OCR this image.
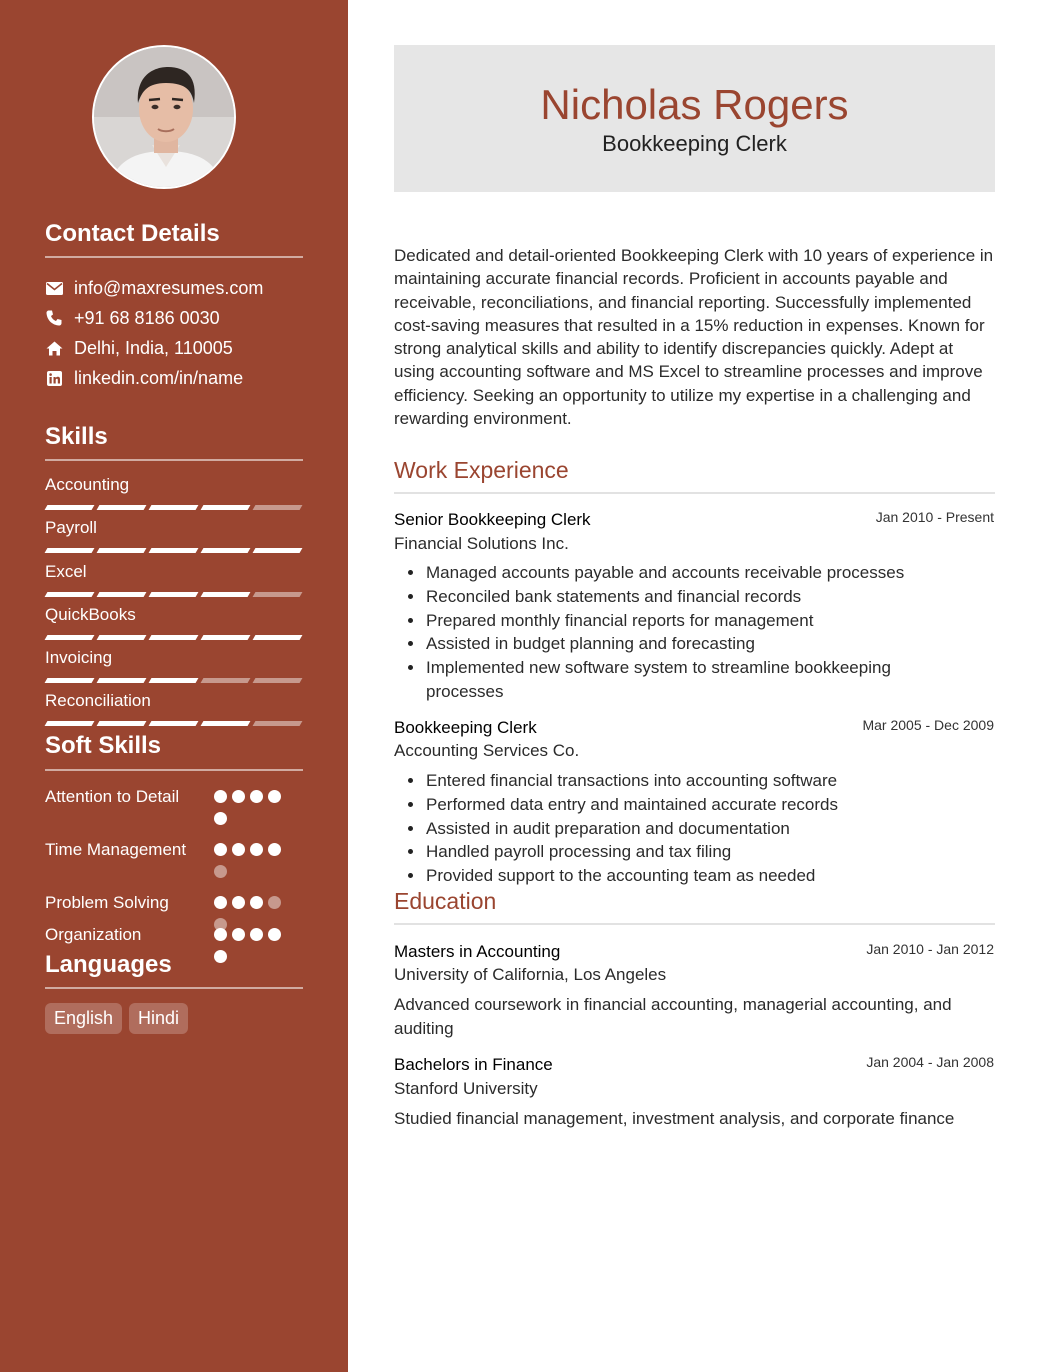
Contact Details
info@maxresumes.com
+91 68 8186 0030
Delhi, India, 110005
linkedin.com/in/name
Skills
Accounting
Payroll
Excel
QuickBooks
Invoicing
Reconciliation
Soft Skills
Attention to Detail
Time Management
Problem Solving
Organization
Languages
English	Hindi
Nicholas Rogers
Bookkeeping Clerk

Dedicated and detail-oriented Bookkeeping Clerk with 10 years of experience in maintaining accurate financial records. Proficient in accounts payable and receivable, reconciliations, and financial reporting. Successfully implemented cost-saving measures that resulted in a 15% reduction in expenses. Known for strong analytical skills and ability to identify discrepancies quickly. Adept at using accounting software and MS Excel to streamline processes and improve efficiency. Seeking an opportunity to utilize my expertise in a challenging and rewarding environment.

Work Experience
Senior Bookkeeping Clerk	Jan 2010 - Present
Financial Solutions Inc.
Managed accounts payable and accounts receivable processes
Reconciled bank statements and financial records
Prepared monthly financial reports for management
Assisted in budget planning and forecasting
Implemented new software system to streamline bookkeeping processes
Bookkeeping Clerk	Mar 2005 - Dec 2009
Accounting Services Co.
Entered financial transactions into accounting software
Performed data entry and maintained accurate records
Assisted in audit preparation and documentation
Handled payroll processing and tax filing
Provided support to the accounting team as needed
Education
Masters in Accounting	Jan 2010 - Jan 2012
University of California, Los Angeles

Advanced coursework in financial accounting, managerial accounting, and auditing

Bachelors in Finance	Jan 2004 - Jan 2008
Stanford University

Studied financial management, investment analysis, and corporate finance
